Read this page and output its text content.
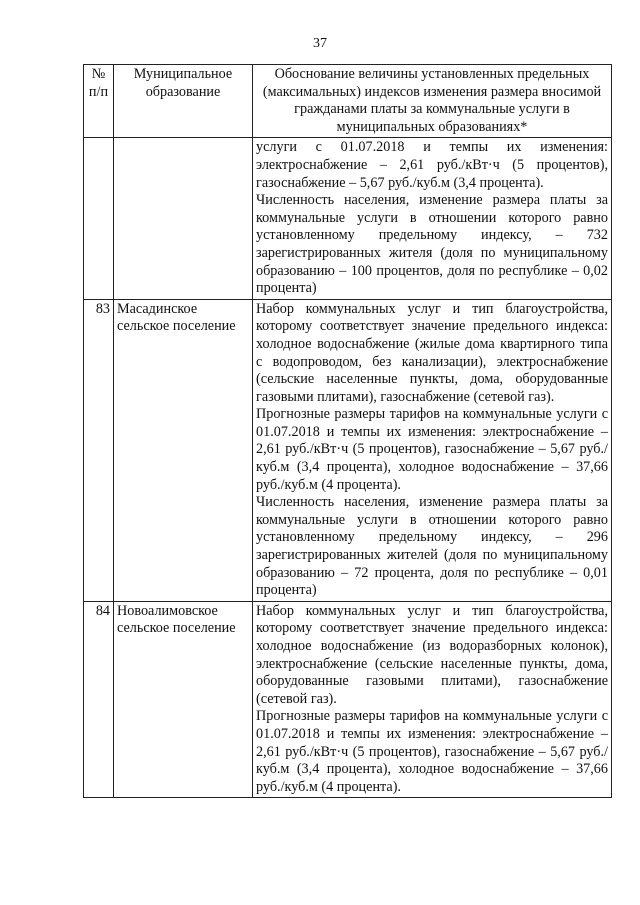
37
№ п/п	Муниципальное образование	Обоснование величины установленных предельных (максимальных) индексов изменения размера вносимой гражданами платы за коммунальные услуги в муниципальных образованиях*

		услуги с 01.07.2018 и темпы их изменения: электроснабжение – 2,61 руб./кВт·ч (5 процентов), газоснабжение – 5,67 руб./куб.м (3,4 процента).

Численность населения, изменение размера платы за коммунальные услуги в отношении которого равно установленному предельному индексу, – 732 зарегистрированных жителя (доля по муниципальному образованию – 100 процентов, доля по республике – 0,02 процента)

83	Масадинское сельское поселение	Набор коммунальных услуг и тип благоустройства, которому соответствует значение предельного индекса: холодное водоснабжение (жилые дома квартирного типа с водопроводом, без канализации), электроснабжение (сельские населенные пункты, дома, оборудованные газовыми плитами), газоснабжение (сетевой газ).

Прогнозные размеры тарифов на коммунальные услуги с 01.07.2018 и темпы их изменения: электроснабжение – 2,61 руб./кВт·ч (5 процентов), газоснабжение – 5,67 руб./куб.м (3,4 процента), холодное водоснабжение – 37,66 руб./куб.м (4 процента).

Численность населения, изменение размера платы за коммунальные услуги в отношении которого равно установленному предельному индексу, – 296 зарегистрированных жителей (доля по муниципальному образованию – 72 процента, доля по республике – 0,01 процента)

84	Новоалимовское сельское поселение	Набор коммунальных услуг и тип благоустройства, которому соответствует значение предельного индекса: холодное водоснабжение (из водоразборных колонок), электроснабжение (сельские населенные пункты, дома, оборудованные газовыми плитами), газоснабжение (сетевой газ).

Прогнозные размеры тарифов на коммунальные услуги с 01.07.2018 и темпы их изменения: электроснабжение – 2,61 руб./кВт·ч (5 процентов), газоснабжение – 5,67 руб./куб.м (3,4 процента), холодное водоснабжение – 37,66 руб./куб.м (4 процента).
